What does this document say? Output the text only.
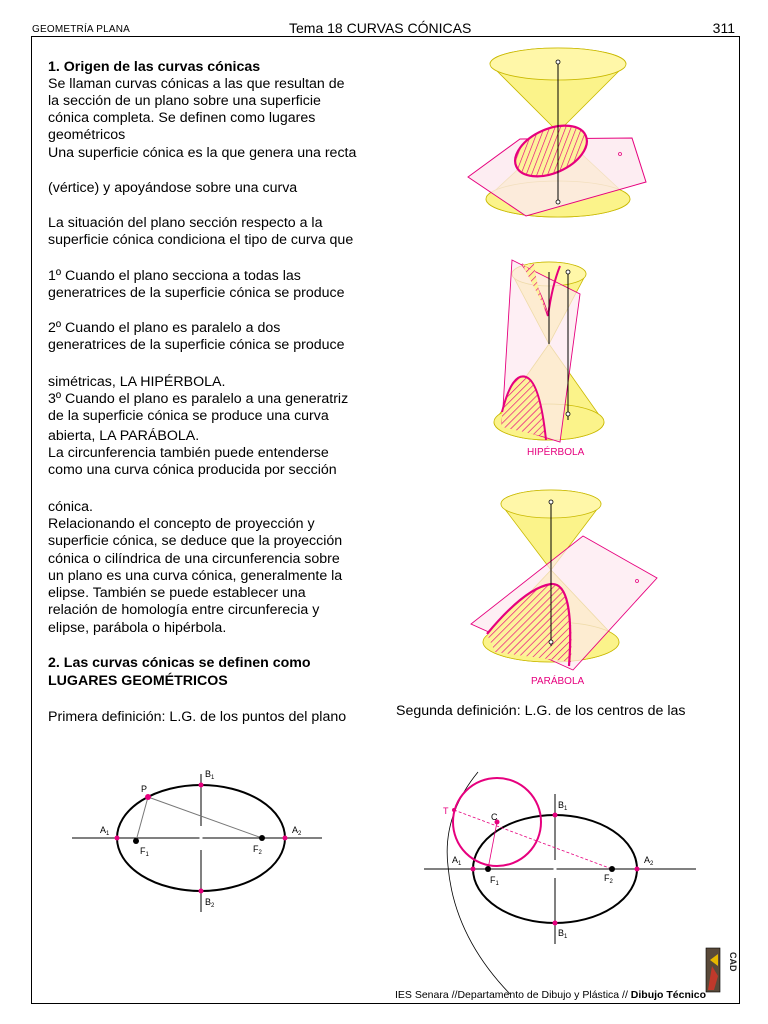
GEOMETRÍA PLANA	Tema 18 CURVAS CÓNICAS	311
1. Origen de las curvas cónicas
Se llaman curvas cónicas a las que resultan de
la sección de un plano sobre una superficie
cónica completa. Se definen como lugares
geométricos
Una superficie cónica es la que genera una recta
(vértice) y apoyándose sobre una curva
La situación del plano sección respecto a la
superficie cónica condiciona el tipo de curva que
1º Cuando el plano secciona a todas las
generatrices de la superficie cónica se produce
2º Cuando el plano es paralelo a dos
generatrices de la superficie cónica se produce
simétricas, LA HIPÉRBOLA.
3º Cuando el plano es paralelo a una generatriz
de la superficie cónica se produce una curva
abierta, LA PARÁBOLA.
La circunferencia también puede entenderse
como una curva cónica producida por sección
cónica.
Relacionando el concepto de proyección y
superficie cónica, se deduce que la proyección
cónica o cilíndrica de una circunferencia sobre
un plano es una curva cónica, generalmente la
elipse. También se puede establecer una
relación de homología entre circunferecia y
elipse, parábola o hipérbola.
2. Las curvas cónicas se definen como
LUGARES GEOMÉTRICOS
Primera definición: L.G. de los puntos del plano	Segunda definición: L.G. de los centros de las
HIPÉRBOLA
PARÁBOLA
P
$A_1$	$A_2$
$B_1$
$B_2$
$F_1$
$F_2$
T
C
$B_1$
$B_1$
$A_1$	$A_2$
$F_1$
$F_2$
CAD
IES Senara //Departamento de Dibujo y Plástica // Dibujo Técnico
